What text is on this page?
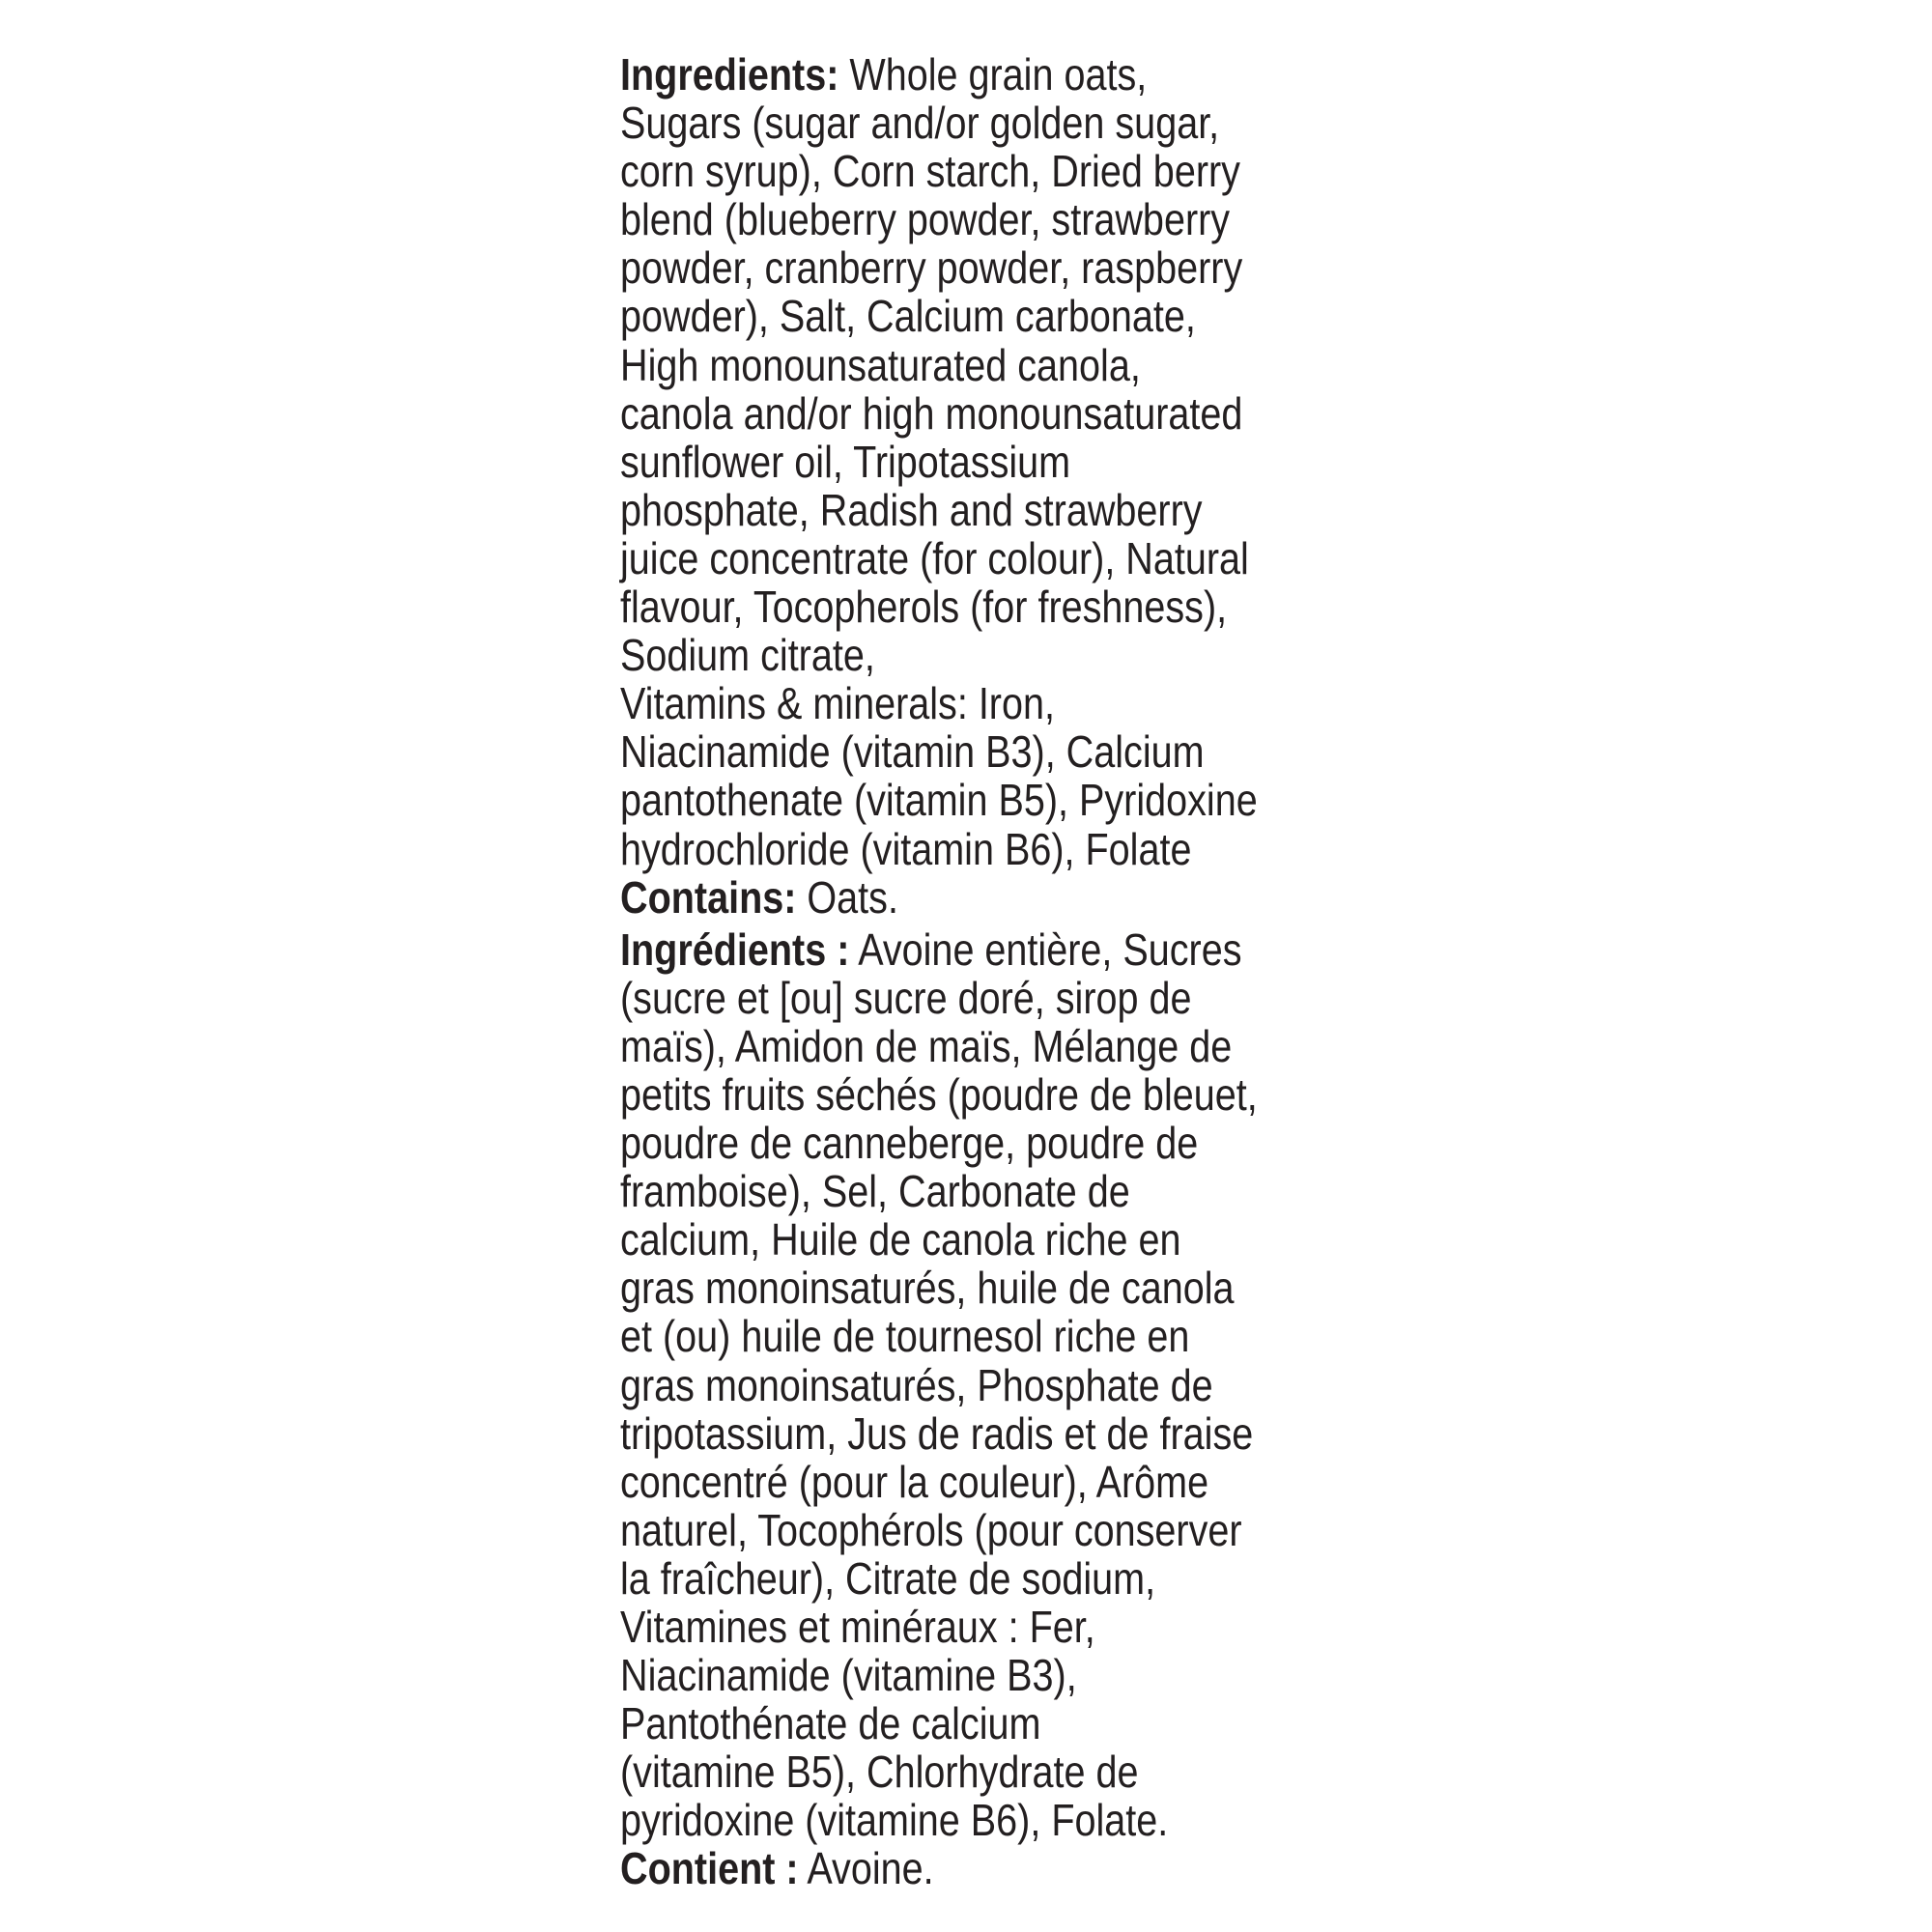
Ingredients: Whole grain oats,
Sugars (sugar and/or golden sugar,
corn syrup), Corn starch, Dried berry
blend (blueberry powder, strawberry
powder, cranberry powder, raspberry
powder), Salt, Calcium carbonate,
High monounsaturated canola,
canola and/or high monounsaturated
sunflower oil, Tripotassium
phosphate, Radish and strawberry
juice concentrate (for colour), Natural
flavour, Tocopherols (for freshness),
Sodium citrate,
Vitamins & minerals: Iron,
Niacinamide (vitamin B3), Calcium
pantothenate (vitamin B5), Pyridoxine
hydrochloride (vitamin B6), Folate
Contains: Oats.
Ingrédients : Avoine entière, Sucres
(sucre et [ou] sucre doré, sirop de
maïs), Amidon de maïs, Mélange de
petits fruits séchés (poudre de bleuet,
poudre de canneberge, poudre de
framboise), Sel, Carbonate de
calcium, Huile de canola riche en
gras monoinsaturés, huile de canola
et (ou) huile de tournesol riche en
gras monoinsaturés, Phosphate de
tripotassium, Jus de radis et de fraise
concentré (pour la couleur), Arôme
naturel, Tocophérols (pour conserver
la fraîcheur), Citrate de sodium,
Vitamines et minéraux : Fer,
Niacinamide (vitamine B3),
Pantothénate de calcium
(vitamine B5), Chlorhydrate de
pyridoxine (vitamine B6), Folate.
Contient : Avoine.
